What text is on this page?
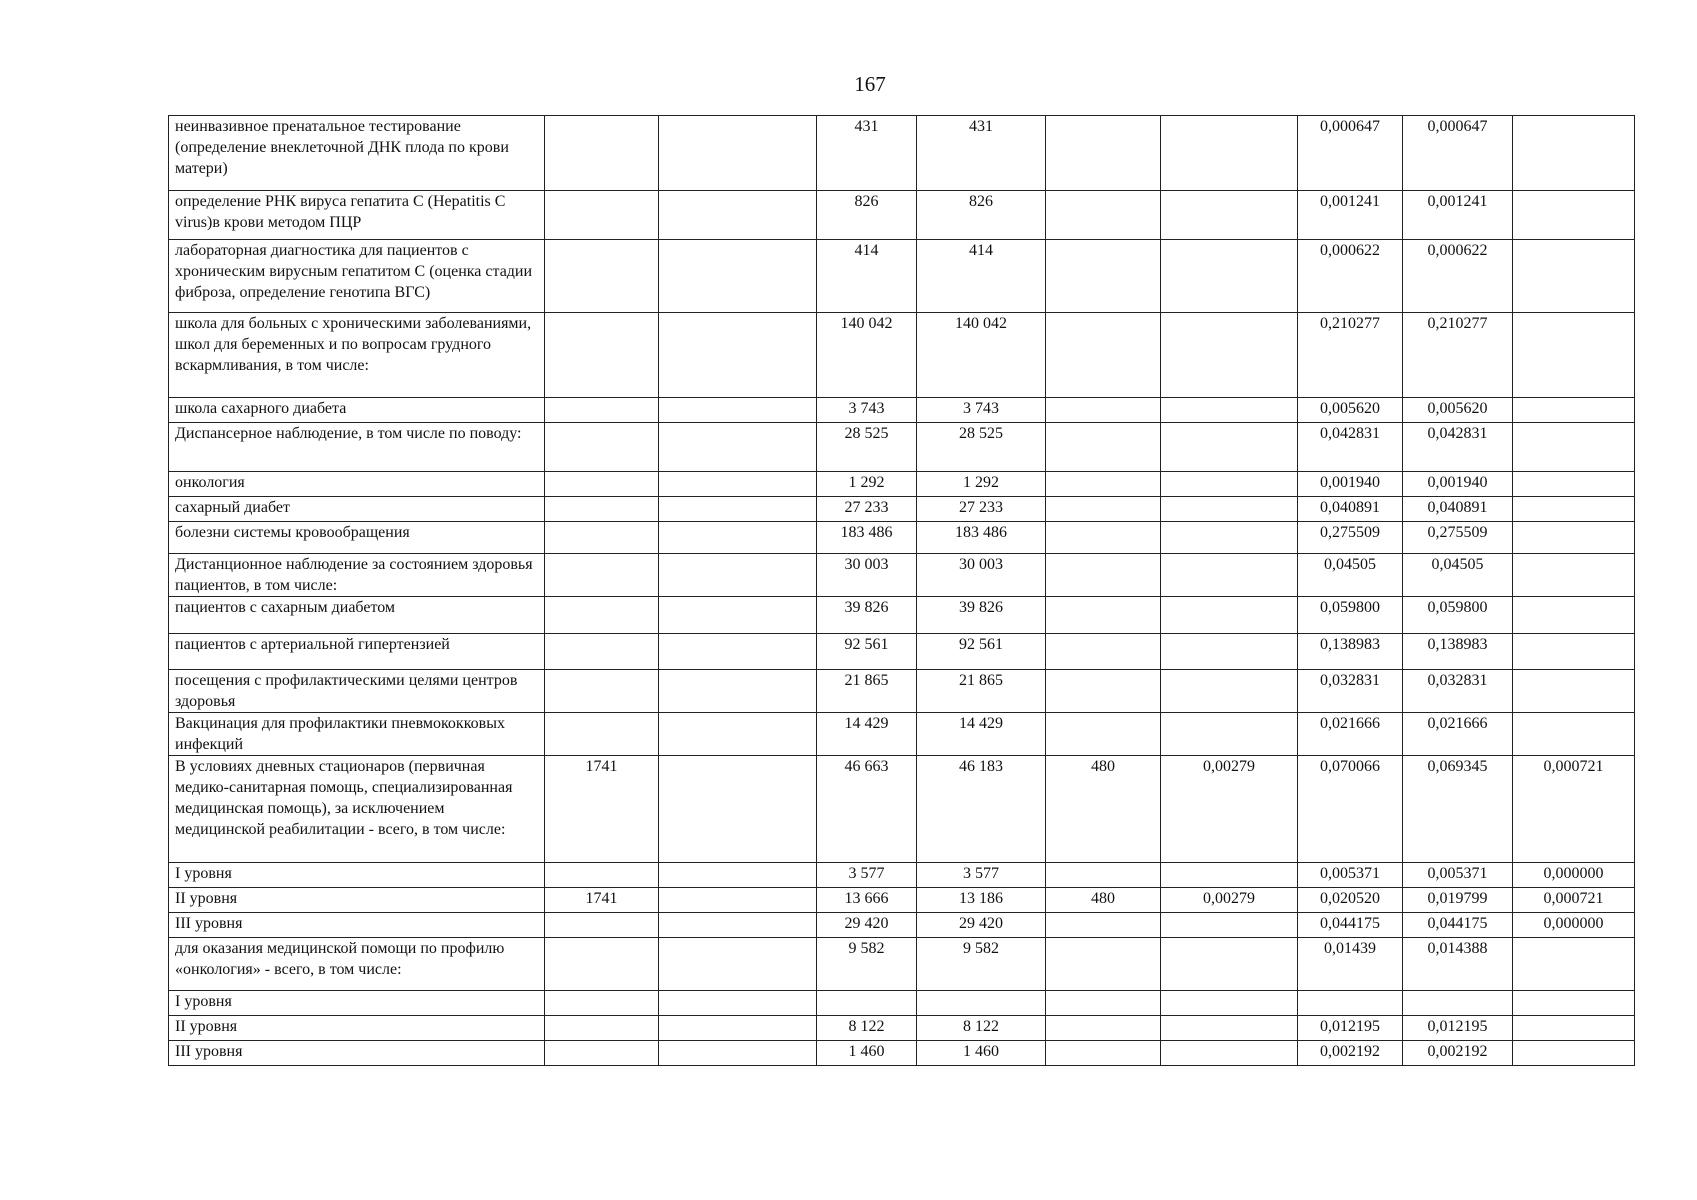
167
неинвазивное пренатальное тестирование (определение внеклеточной ДНК плода по крови матери)			431	431			0,000647	0,000647	
определение РНК вируса гепатита С (Hepatitis C virus)в крови методом ПЦР			826	826			0,001241	0,001241	
лабораторная диагностика для пациентов с хроническим вирусным гепатитом С (оценка стадии фиброза, определение генотипа ВГС)			414	414			0,000622	0,000622	
школа для больных с хроническими заболеваниями, школ для беременных и по вопросам грудного вскармливания, в том числе:			140 042	140 042			0,210277	0,210277	
школа сахарного диабета			3 743	3 743			0,005620	0,005620	
Диспансерное наблюдение, в том числе по поводу:			28 525	28 525			0,042831	0,042831	
онкология			1 292	1 292			0,001940	0,001940	
сахарный диабет			27 233	27 233			0,040891	0,040891	
болезни системы кровообращения			183 486	183 486			0,275509	0,275509	
Дистанционное наблюдение за состоянием здоровья пациентов, в том числе:			30 003	30 003			0,04505	0,04505	
пациентов с сахарным диабетом			39 826	39 826			0,059800	0,059800	
пациентов с артериальной гипертензией			92 561	92 561			0,138983	0,138983	
посещения с профилактическими целями центров здоровья			21 865	21 865			0,032831	0,032831	
Вакцинация для профилактики пневмококковых инфекций			14 429	14 429			0,021666	0,021666	
В условиях дневных стационаров (первичная медико-санитарная помощь, специализированная медицинская помощь), за исключением медицинской реабилитации - всего, в том числе:	1741		46 663	46 183	480	0,00279	0,070066	0,069345	0,000721
I уровня			3 577	3 577			0,005371	0,005371	0,000000
II уровня	1741		13 666	13 186	480	0,00279	0,020520	0,019799	0,000721
III уровня			29 420	29 420			0,044175	0,044175	0,000000
для оказания медицинской помощи по профилю «онкология» - всего, в том числе:			9 582	9 582			0,01439	0,014388	
I уровня									
II уровня			8 122	8 122			0,012195	0,012195	
III уровня			1 460	1 460			0,002192	0,002192	
